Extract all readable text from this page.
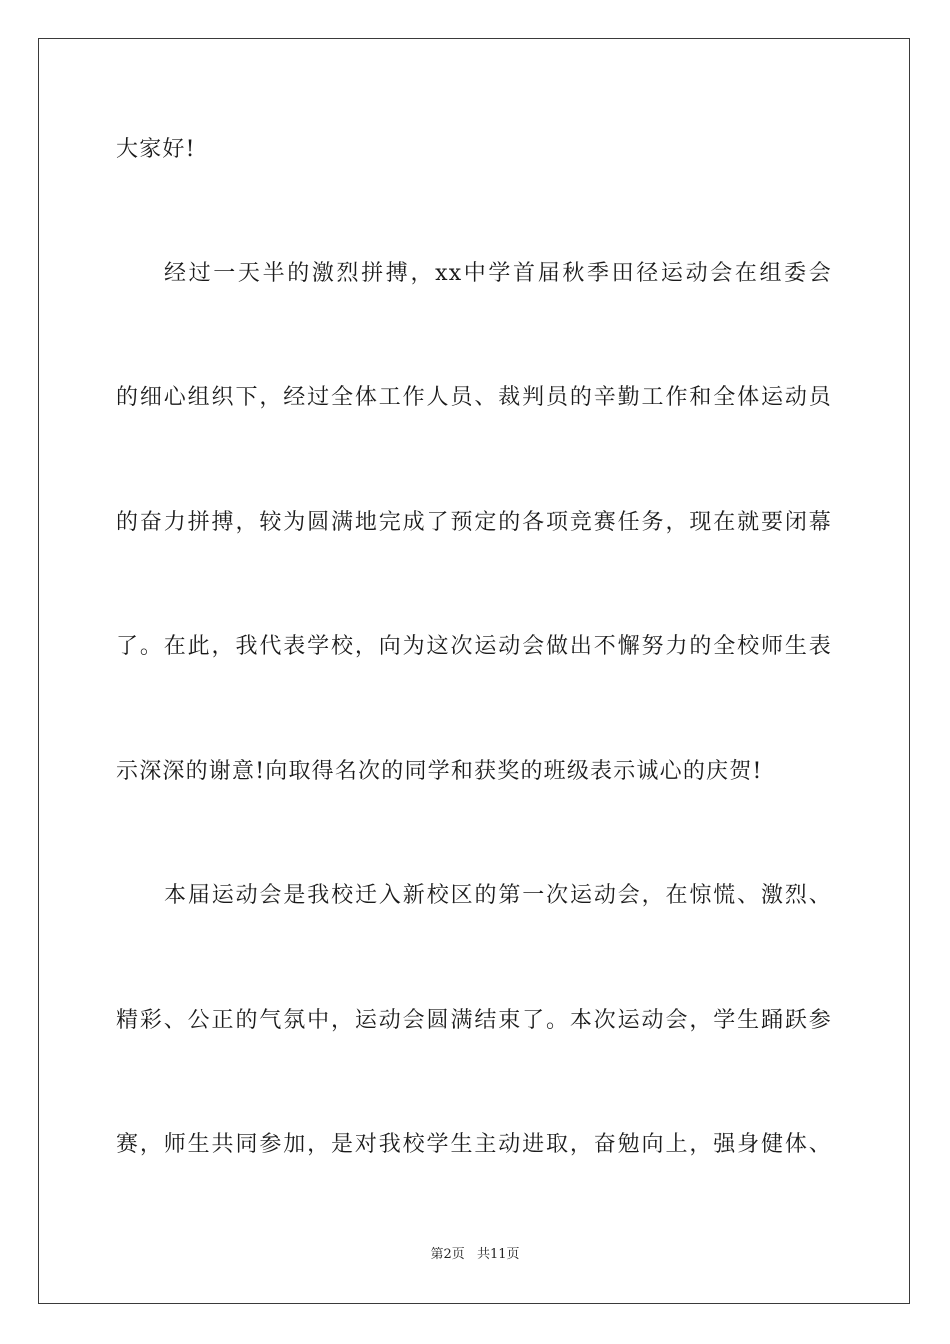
大家好!
经过一天半的激烈拼搏，xx中学首届秋季田径运动会在组委会
的细心组织下，经过全体工作人员、裁判员的辛勤工作和全体运动员
的奋力拼搏，较为圆满地完成了预定的各项竞赛任务，现在就要闭幕
了。在此，我代表学校，向为这次运动会做出不懈努力的全校师生表
示深深的谢意!向取得名次的同学和获奖的班级表示诚心的庆贺!
本届运动会是我校迁入新校区的第一次运动会，在惊慌、激烈、
精彩、公正的气氛中，运动会圆满结束了。本次运动会，学生踊跃参
赛，师生共同参加，是对我校学生主动进取，奋勉向上，强身健体、
第2页 共11页
